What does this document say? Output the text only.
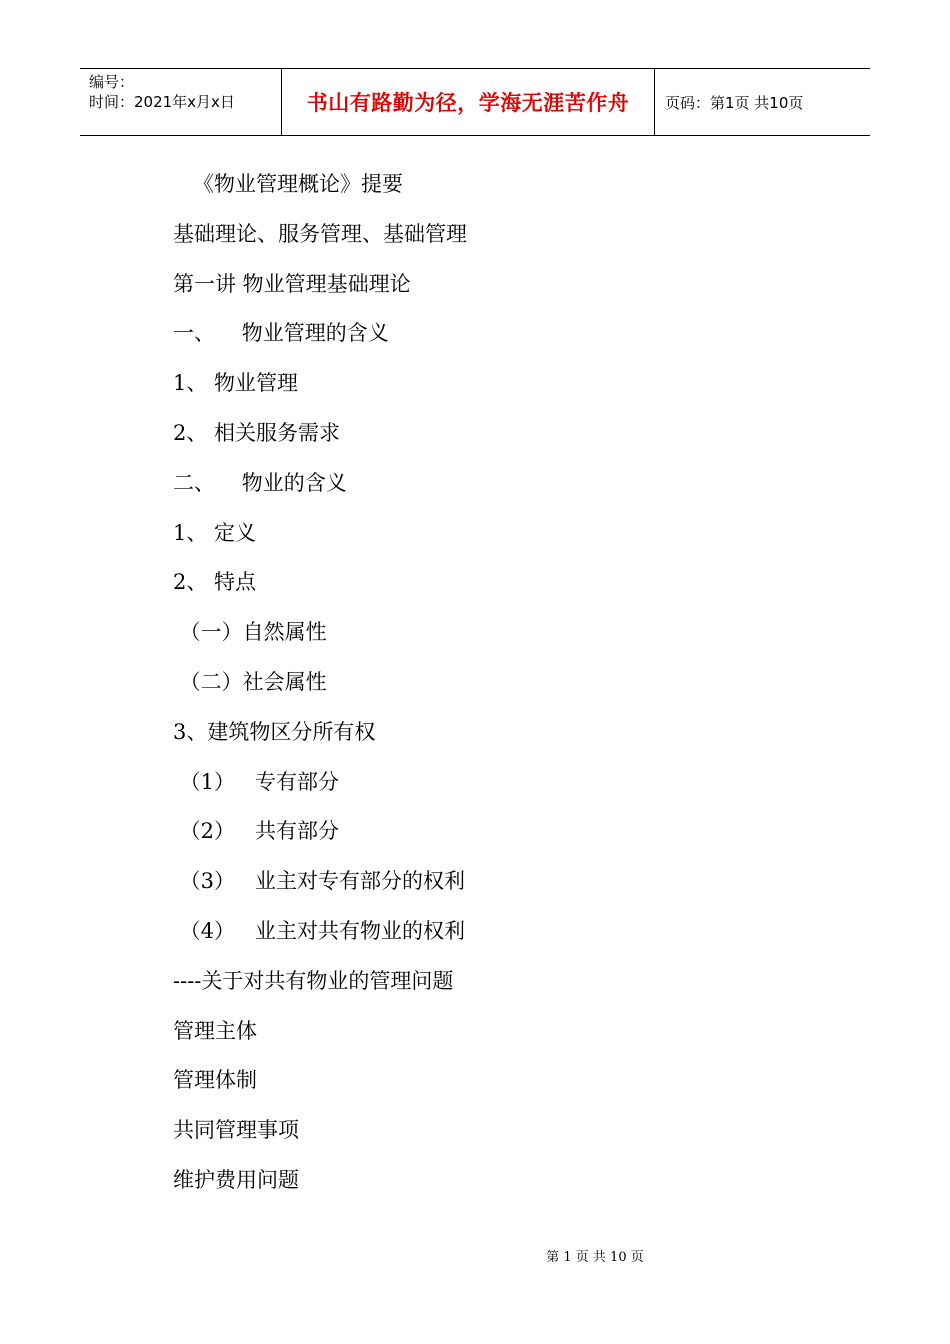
编号：
时间：2021年x月x日	书山有路勤为径，学海无涯苦作舟	页码：第1页 共10页
《物业管理概论》提要
基础理论、服务管理、基础管理
第一讲 物业管理基础理论
一、    物业管理的含义
1、 物业管理
2、 相关服务需求
二、    物业的含义
1、 定义
2、 特点
（一）自然属性
（二）社会属性
3、建筑物区分所有权
（1）   专有部分
（2）   共有部分
（3）   业主对专有部分的权利
（4）   业主对共有物业的权利
----关于对共有物业的管理问题
管理主体
管理体制
共同管理事项
维护费用问题
第 1 页 共 10 页
